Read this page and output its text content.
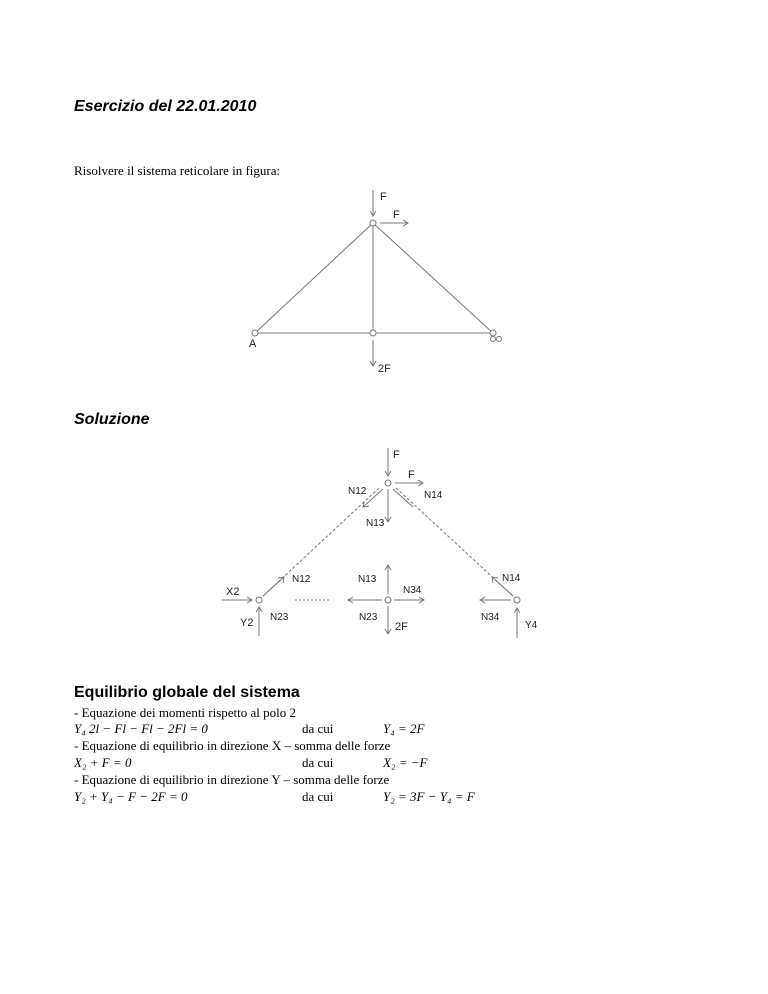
Esercizio del 22.01.2010
Risolvere il sistema reticolare in figura:
F
F
2F
A
Soluzione
F
F
N12	N14
N13
N12	N13
N34
N14
X2
Y2 N23	N23
2F
N34
Y4
Equilibrio globale del sistema
- Equazione dei momenti rispetto al polo 2
Y₄ 2l − Fl − Fl − 2Fl = 0	da cui	Y₄ = 2F
- Equazione di equilibrio in direzione X – somma delle forze
X₂ + F = 0	da cui	X₂ = −F
- Equazione di equilibrio in direzione Y – somma delle forze
Y₂ + Y₄ − F − 2F = 0	da cui	Y₂ = 3F − Y₄ = F
